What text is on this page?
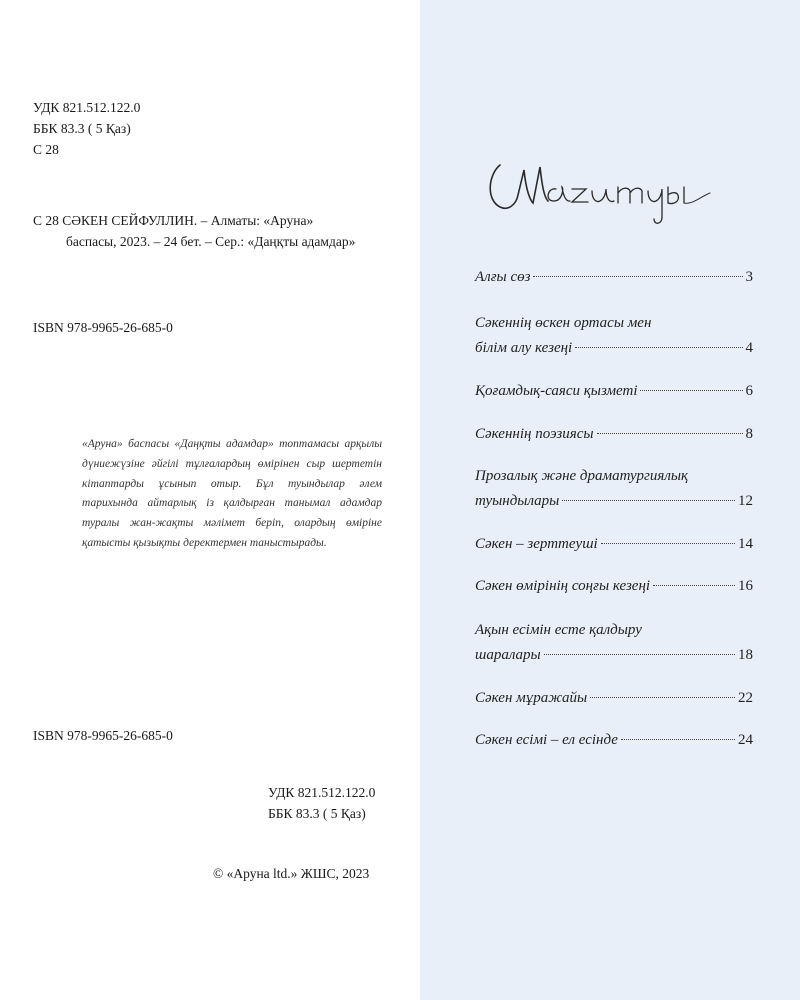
УДК 821.512.122.0
ББК 83.3 ( 5 Қаз)
С 28
С 28 СӘКЕН СЕЙФУЛЛИН. – Алматы: «Аруна»
баспасы, 2023. – 24 бет. – Сер.: «Даңқты адамдар»
ISBN 978-9965-26-685-0
«Аруна» баспасы «Даңқты адамдар» топтамасы арқылы дүниежүзіне әйгілі тұлғалардың өмірінен сыр шертетін кітаптарды ұсынып отыр. Бұл туындылар әлем тарихында айтарлық із қалдырған танымал адамдар туралы жан-жақты мәлімет беріп, олардың өміріне қатысты қызықты деректермен таныстырады.
ISBN 978-9965-26-685-0
УДК 821.512.122.0
ББК 83.3 ( 5 Қаз)
© «Аруна ltd.» ЖШС, 2023
Алғы сөз	3
Сәкеннің өскен ортасы мен
білім алу кезеңі	4
Қоғамдық-саяси қызметі	6
Сәкеннің поэзиясы	8
Прозалық және драматургиялық
туындылары	12
Сәкен – зерттеуші	14
Сәкен өмірінің соңғы кезеңі	16
Ақын есімін есте қалдыру
шаралары	18
Сәкен мұражайы	22
Сәкен есімі – ел есінде	24
